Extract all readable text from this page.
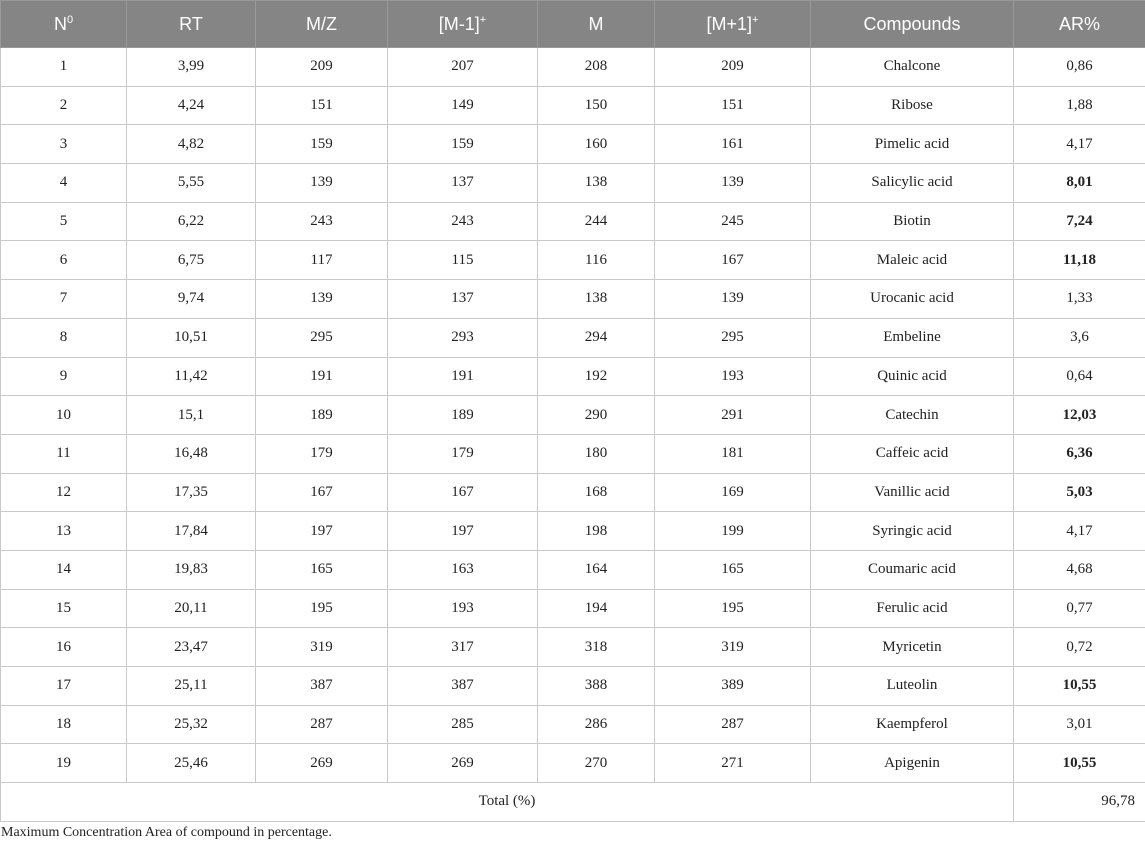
$N^0$	RT	M/Z	[M-1]+	M	[M+1]+	Compounds	AR%
1	3,99	209	207	208	209	Chalcone	0,86
2	4,24	151	149	150	151	Ribose	1,88
3	4,82	159	159	160	161	Pimelic acid	4,17
4	5,55	139	137	138	139	Salicylic acid	8,01
5	6,22	243	243	244	245	Biotin	7,24
6	6,75	117	115	116	167	Maleic acid	11,18
7	9,74	139	137	138	139	Urocanic acid	1,33
8	10,51	295	293	294	295	Embeline	3,6
9	11,42	191	191	192	193	Quinic acid	0,64
10	15,1	189	189	290	291	Catechin	12,03
11	16,48	179	179	180	181	Caffeic acid	6,36
12	17,35	167	167	168	169	Vanillic acid	5,03
13	17,84	197	197	198	199	Syringic acid	4,17
14	19,83	165	163	164	165	Coumaric acid	4,68
15	20,11	195	193	194	195	Ferulic acid	0,77
16	23,47	319	317	318	319	Myricetin	0,72
17	25,11	387	387	388	389	Luteolin	10,55
18	25,32	287	285	286	287	Kaempferol	3,01
19	25,46	269	269	270	271	Apigenin	10,55
Total (%)							96,78
Maximum Concentration Area of compound in percentage.
